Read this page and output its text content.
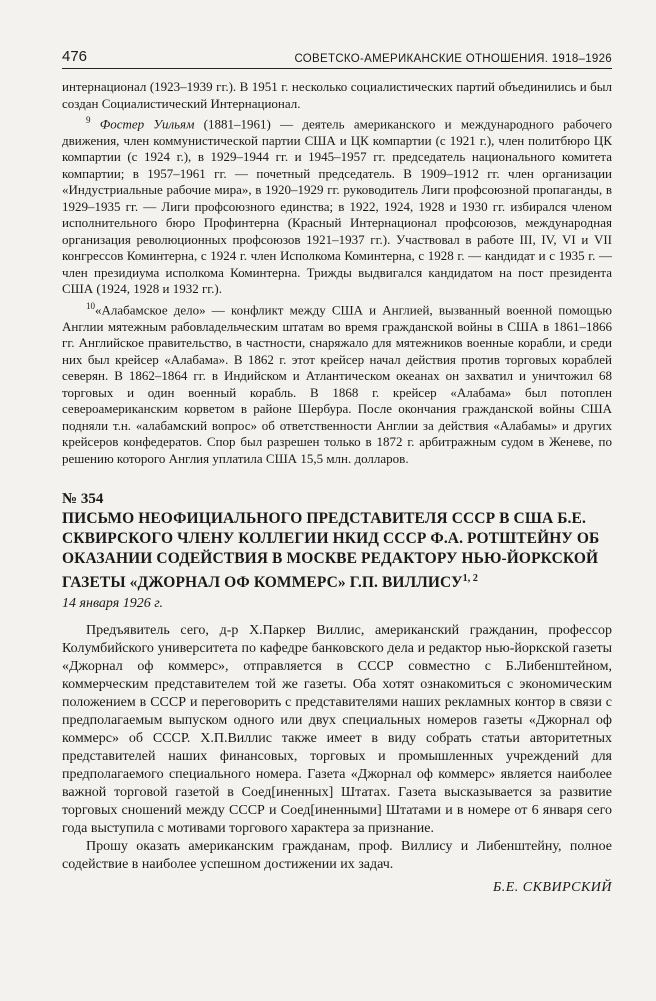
476	СОВЕТСКО-АМЕРИКАНСКИЕ ОТНОШЕНИЯ. 1918–1926

интернационал (1923–1939 гг.). В 1951 г. несколько социалистических партий объединились и был создан Социалистический Интернационал.

$^9$ Фостер Уильям (1881–1961) — деятель американского и международного рабочего движения, член коммунистической партии США и ЦК компартии (с 1921 г.), член политбюро ЦК компартии (с 1924 г.), в 1929–1944 гг. и 1945–1957 гг. председатель национального комитета компартии; в 1957–1961 гг. — почетный председатель. В 1909–1912 гг. член организации «Индустриальные рабочие мира», в 1920–1929 гг. руководитель Лиги профсоюзной пропаганды, в 1929–1935 гг. — Лиги профсоюзного единства; в 1922, 1924, 1928 и 1930 гг. избирался членом исполнительного бюро Профинтерна (Красный Интернационал профсоюзов, международная организация революционных профсоюзов 1921–1937 гг.). Участвовал в работе III, IV, VI и VII конгрессов Коминтерна, с 1924 г. член Исполкома Коминтерна, с 1928 г. — кандидат и с 1935 г. — член президиума исполкома Коминтерна. Трижды выдвигался кандидатом на пост президента США (1924, 1928 и 1932 гг.).

$^{10}$«Алабамское дело» — конфликт между США и Англией, вызванный военной помощью Англии мятежным рабовладельческим штатам во время гражданской войны в США в 1861–1866 гг. Английское правительство, в частности, снаряжало для мятежников военные корабли, и среди них был крейсер «Алабама». В 1862 г. этот крейсер начал действия против торговых кораблей северян. В 1862–1864 гг. в Индийском и Атлантическом океанах он захватил и уничтожил 68 торговых и один военный корабль. В 1868 г. крейсер «Алабама» был потоплен североамериканским корветом в районе Шербура. После окончания гражданской войны США подняли т.н. «алабамский вопрос» об ответственности Англии за действия «Алабамы» и других крейсеров конфедератов. Спор был разрешен только в 1872 г. арбитражным судом в Женеве, по решению которого Англия уплатила США 15,5 млн. долларов.

№ 354

ПИСЬМО НЕОФИЦИАЛЬНОГО ПРЕДСТАВИТЕЛЯ СССР В США Б.Е. СКВИРСКОГО ЧЛЕНУ КОЛЛЕГИИ НКИД СССР Ф.А. РОТШТЕЙНУ ОБ ОКАЗАНИИ СОДЕЙСТВИЯ В МОСКВЕ РЕДАКТОРУ НЬЮ-ЙОРКСКОЙ ГАЗЕТЫ «ДЖОРНАЛ ОФ КОММЕРС» Г.П. ВИЛЛИСУ$^{1, 2}$

14 января 1926 г.

Предъявитель сего, д-р Х.Паркер Виллис, американский гражданин, профессор Колумбийского университета по кафедре банковского дела и редактор нью-йоркской газеты «Джорнал оф коммерс», отправляется в СССР совместно с Б.Либенштейном, коммерческим представителем той же газеты. Оба хотят ознакомиться с экономическим положением в СССР и переговорить с представителями наших рекламных контор в связи с предполагаемым выпуском одного или двух специальных номеров газеты «Джорнал оф коммерс» об СССР. Х.П.Виллис также имеет в виду собрать статьи авторитетных представителей наших финансовых, торговых и промышленных учреждений для предполагаемого специального номера. Газета «Джорнал оф коммерс» является наиболее важной торговой газетой в Соед[иненных] Штатах. Газета высказывается за развитие торговых сношений между СССР и Соед[иненными] Штатами и в номере от 6 января сего года выступила с мотивами торгового характера за признание.

Прошу оказать американским гражданам, проф. Виллису и Либенштейну, полное содействие в наиболее успешном достижении их задач.

Б.Е. СКВИРСКИЙ
